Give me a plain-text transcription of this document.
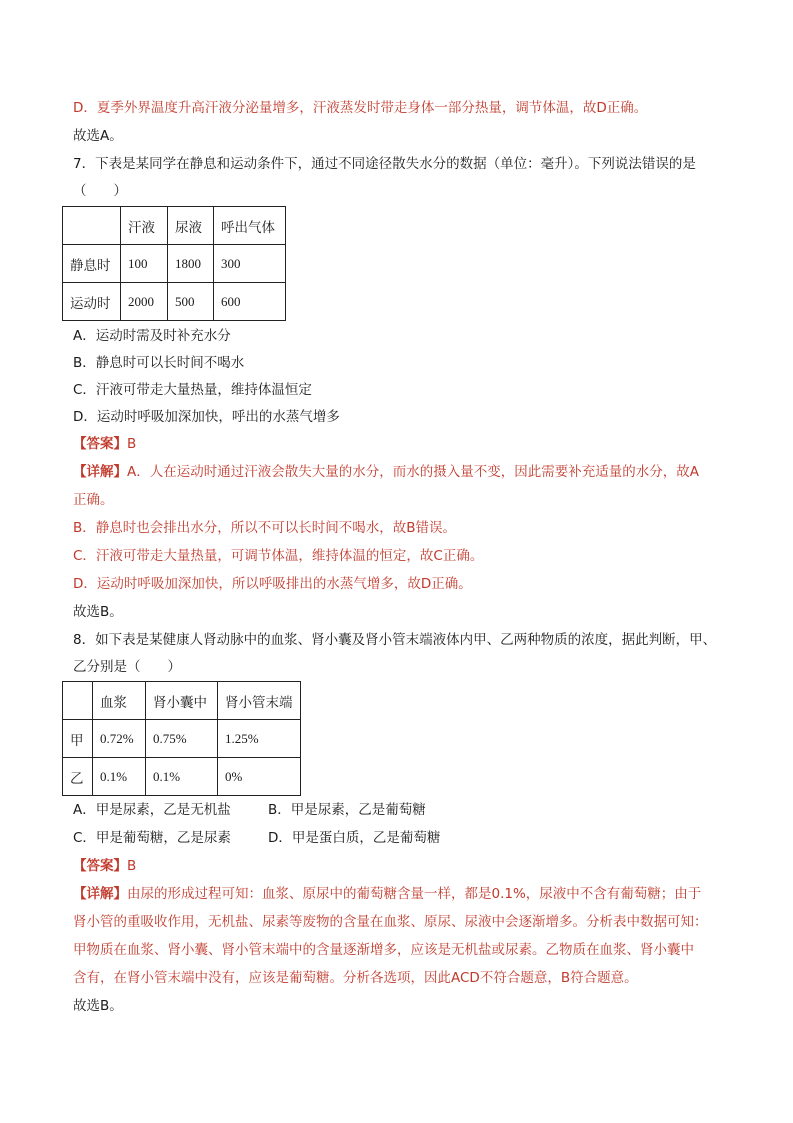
D．夏季外界温度升高汗液分泌量增多，汗液蒸发时带走身体一部分热量，调节体温，故D正确。
故选A。
7．下表是某同学在静息和运动条件下，通过不同途径散失水分的数据（单位：毫升）。下列说法错误的是
（　　）
	汗液	尿液	呼出气体
静息时	100	1800	300
运动时	2000	500	600
A．运动时需及时补充水分
B．静息时可以长时间不喝水
C．汗液可带走大量热量，维持体温恒定
D．运动时呼吸加深加快，呼出的水蒸气增多
【答案】B
【详解】A．人在运动时通过汗液会散失大量的水分，而水的摄入量不变，因此需要补充适量的水分，故A
正确。
B．静息时也会排出水分，所以不可以长时间不喝水，故B错误。
C．汗液可带走大量热量，可调节体温，维持体温的恒定，故C正确。
D．运动时呼吸加深加快，所以呼吸排出的水蒸气增多，故D正确。
故选B。
8．如下表是某健康人肾动脉中的血浆、肾小囊及肾小管末端液体内甲、乙两种物质的浓度，据此判断，甲、
乙分别是（　　）
	血浆	肾小囊中	肾小管末端
甲	0.72%	0.75%	1.25%
乙	0.1%	0.1%	0%
A．甲是尿素，乙是无机盐	B．甲是尿素，乙是葡萄糖
C．甲是葡萄糖，乙是尿素	D．甲是蛋白质，乙是葡萄糖
【答案】B
【详解】由尿的形成过程可知：血浆、原尿中的葡萄糖含量一样，都是0.1%，尿液中不含有葡萄糖；由于
肾小管的重吸收作用，无机盐、尿素等废物的含量在血浆、原尿、尿液中会逐渐增多。分析表中数据可知：
甲物质在血浆、肾小囊、肾小管末端中的含量逐渐增多，应该是无机盐或尿素。乙物质在血浆、肾小囊中
含有，在肾小管末端中没有，应该是葡萄糖。分析各选项，因此ACD不符合题意，B符合题意。
故选B。
